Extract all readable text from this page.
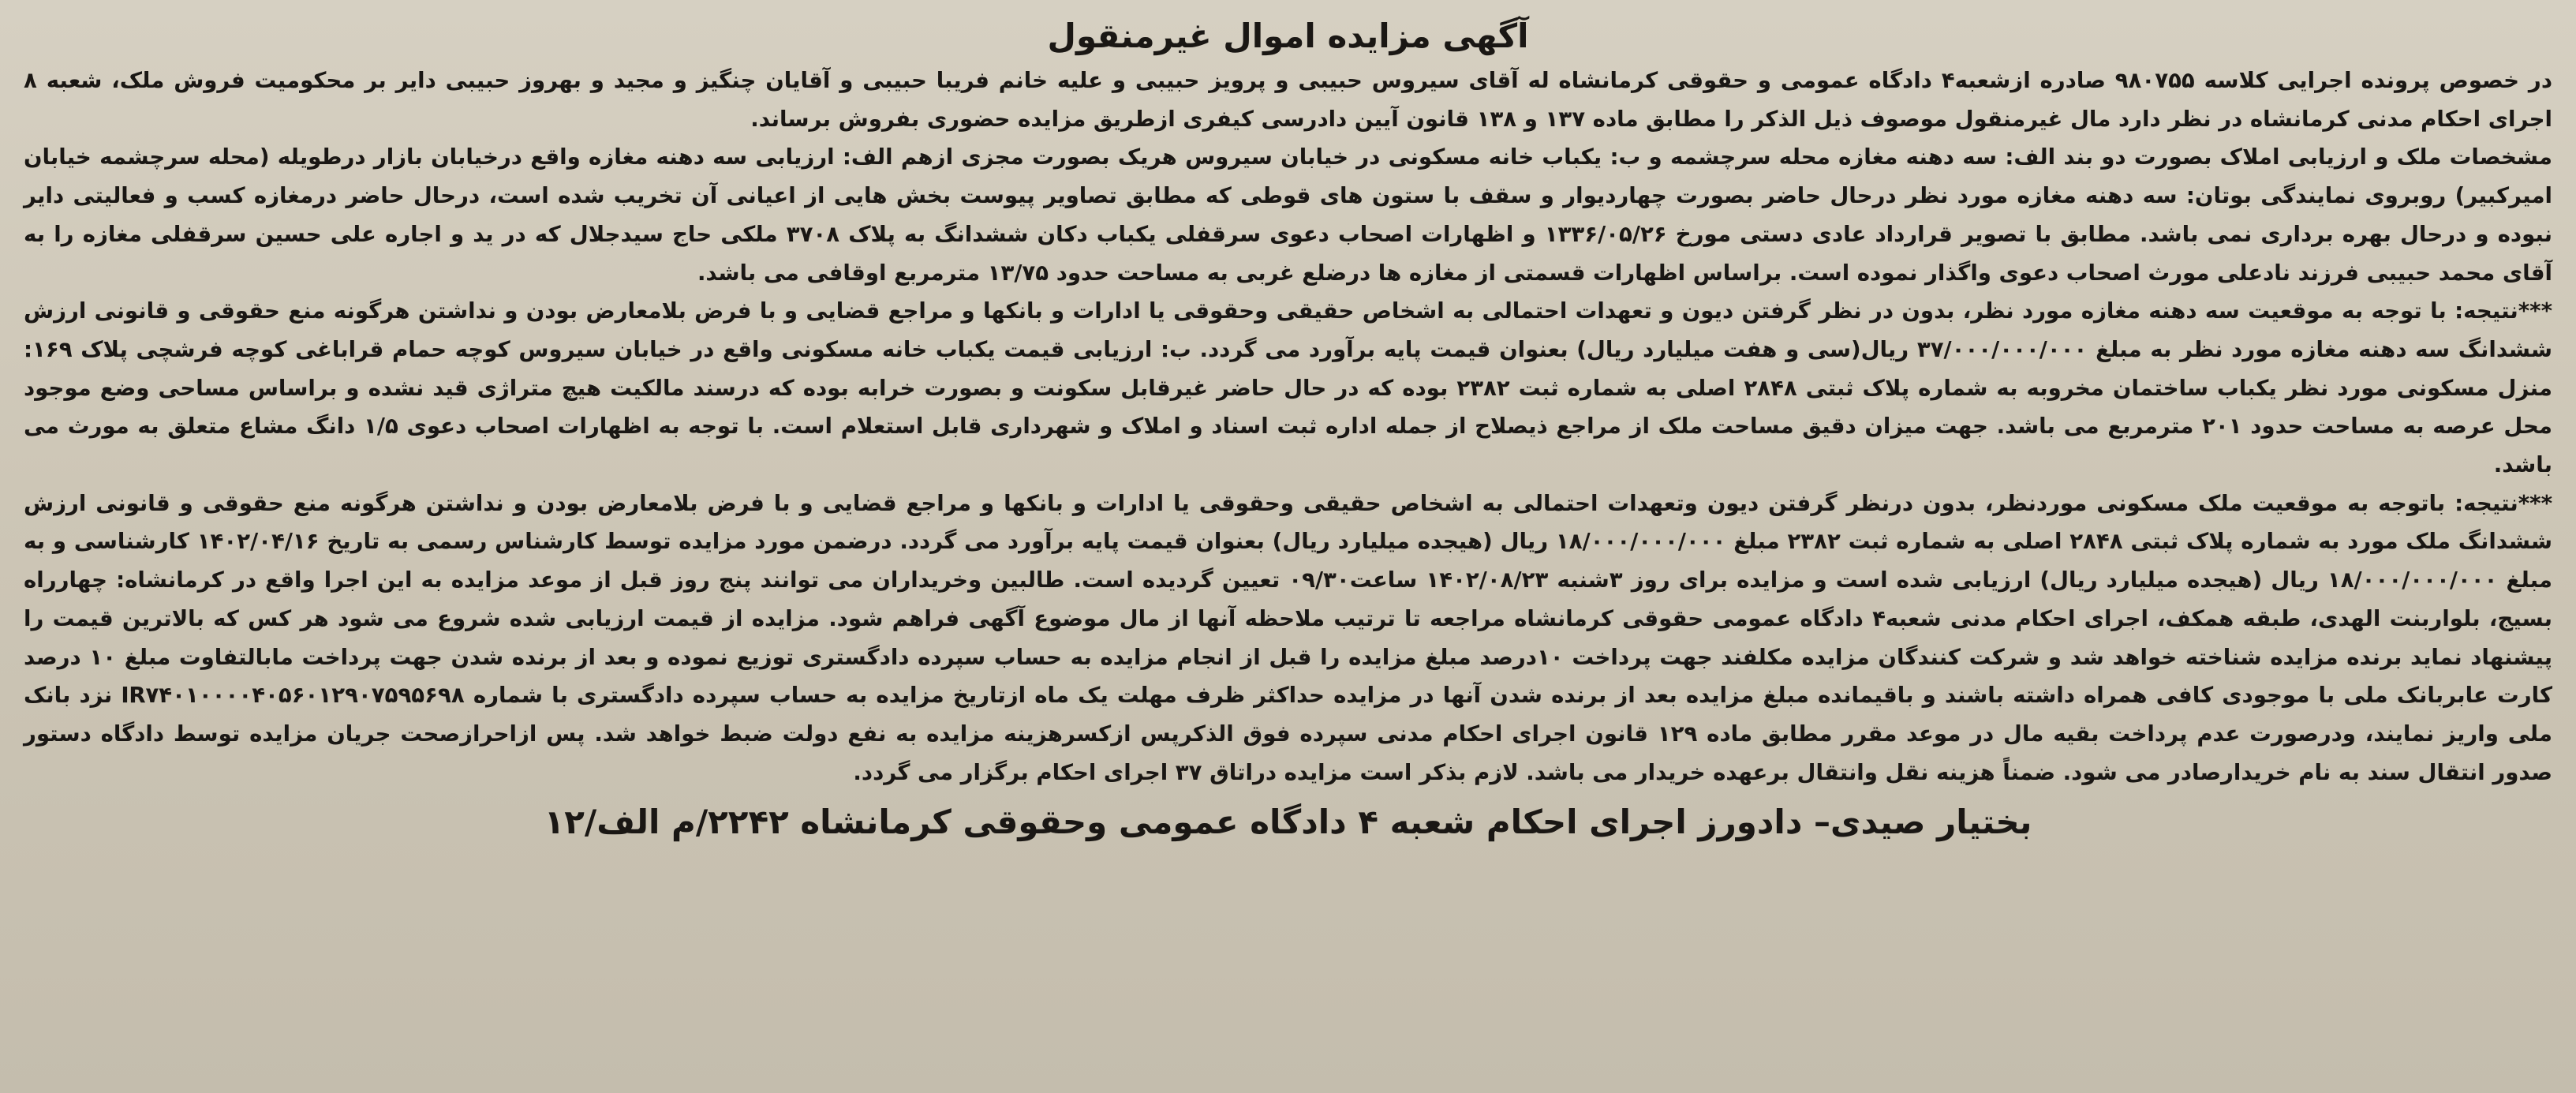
آگهی مزایده اموال غیرمنقول

در خصوص پرونده اجرایی کلاسه ۹۸۰۷۵۵ صادره ازشعبه۴ دادگاه عمومی و حقوقی کرمانشاه له آقای سیروس حبیبی و پرویز حبیبی و علیه خانم فریبا حبیبی و آقایان چنگیز و مجید و بهروز حبیبی دایر بر محکومیت فروش ملک، شعبه ۸ اجرای احکام مدنی کرمانشاه در نظر دارد مال غیرمنقول موصوف ذیل الذکر را مطابق ماده ۱۳۷ و ۱۳۸ قانون آیین دادرسی کیفری ازطریق مزایده حضوری بفروش برساند.

مشخصات ملک و ارزیابی املاک بصورت دو بند الف: سه دهنه مغازه محله سرچشمه و ب: یکباب خانه مسکونی در خیابان سیروس هریک بصورت مجزی ازهم الف: ارزیابی سه دهنه مغازه واقع درخیابان بازار درطویله (محله سرچشمه خیابان امیرکبیر) روبروی نمایندگی بوتان: سه دهنه مغازه مورد نظر درحال حاضر بصورت چهاردیوار و سقف با ستون های قوطی که مطابق تصاویر پیوست بخش هایی از اعیانی آن تخریب شده است، درحال حاضر درمغازه کسب و فعالیتی دایر نبوده و درحال بهره برداری نمی باشد. مطابق با تصویر قرارداد عادی دستی مورخ ۱۳۳۶/۰۵/۲۶ و اظهارات اصحاب دعوی سرقفلی یکباب دکان ششدانگ به پلاک ۳۷۰۸ ملکی حاج سیدجلال که در ید و اجاره علی حسین سرقفلی مغازه را به آقای محمد حبیبی فرزند نادعلی مورث اصحاب دعوی واگذار نموده است. براساس اظهارات قسمتی از مغازه ها درضلع غربی به مساحت حدود ۱۳/۷۵ مترمربع اوقافی می باشد.

***نتیجه: با توجه به موقعیت سه دهنه مغازه مورد نظر، بدون در نظر گرفتن دیون و تعهدات احتمالی به اشخاص حقیقی وحقوقی یا ادارات و بانکها و مراجع قضایی و با فرض بلامعارض بودن و نداشتن هرگونه منع حقوقی و قانونی ارزش ششدانگ سه دهنه مغازه مورد نظر به مبلغ ۳۷/۰۰۰/۰۰۰/۰۰۰ ریال(سی و هفت میلیارد ریال) بعنوان قیمت پایه برآورد می گردد. ب: ارزیابی قیمت یکباب خانه مسکونی واقع در خیابان سیروس کوچه حمام قراباغی کوچه فرشچی پلاک ۱۶۹: منزل مسکونی مورد نظر یکباب ساختمان مخروبه به شماره پلاک ثبتی ۲۸۴۸ اصلی به شماره ثبت ۲۳۸۲ بوده که در حال حاضر غیرقابل سکونت و بصورت خرابه بوده که درسند مالکیت هیچ متراژی قید نشده و براساس مساحی وضع موجود محل عرصه به مساحت حدود ۲۰۱ مترمربع می باشد. جهت میزان دقیق مساحت ملک از مراجع ذیصلاح از جمله اداره ثبت اسناد و املاک و شهرداری قابل استعلام است. با توجه به اظهارات اصحاب دعوی ۱/۵ دانگ مشاع متعلق به مورث می باشد.

***نتیجه: باتوجه به موقعیت ملک مسکونی موردنظر، بدون درنظر گرفتن دیون وتعهدات احتمالی به اشخاص حقیقی وحقوقی یا ادارات و بانکها و مراجع قضایی و با فرض بلامعارض بودن و نداشتن هرگونه منع حقوقی و قانونی ارزش ششدانگ ملک مورد به شماره پلاک ثبتی ۲۸۴۸ اصلی به شماره ثبت ۲۳۸۲ مبلغ ۱۸/۰۰۰/۰۰۰/۰۰۰ ریال (هیجده میلیارد ریال) بعنوان قیمت پایه برآورد می گردد. درضمن مورد مزایده توسط کارشناس رسمی به تاریخ ۱۴۰۲/۰۴/۱۶ کارشناسی و به مبلغ ۱۸/۰۰۰/۰۰۰/۰۰۰ ریال (هیجده میلیارد ریال) ارزیابی شده است و مزایده برای روز ۳شنبه ۱۴۰۲/۰۸/۲۳ ساعت۰۹/۳۰ تعیین گردیده است. طالبین وخریداران می توانند پنج روز قبل از موعد مزایده به این اجرا واقع در کرمانشاه: چهارراه بسیج، بلواربنت الهدی، طبقه همکف، اجرای احکام مدنی شعبه۴ دادگاه عمومی حقوقی کرمانشاه مراجعه تا ترتیب ملاحظه آنها از مال موضوع آگهی فراهم شود. مزایده از قیمت ارزیابی شده شروع می شود هر کس که بالاترین قیمت را پیشنهاد نماید برنده مزایده شناخته خواهد شد و شرکت کنندگان مزایده مکلفند جهت پرداخت ۱۰درصد مبلغ مزایده را قبل از انجام مزایده به حساب سپرده دادگستری توزیع نموده و بعد از برنده شدن جهت پرداخت مابالتفاوت مبلغ ۱۰ درصد کارت عابربانک ملی با موجودی کافی همراه داشته باشند و باقیمانده مبلغ مزایده بعد از برنده شدن آنها در مزایده حداکثر ظرف مهلت یک ماه ازتاریخ مزایده به حساب سپرده دادگستری با شماره IR۷۴۰۱۰۰۰۰۴۰۵۶۰۱۲۹۰۷۵۹۵۶۹۸ نزد بانک ملی واریز نمایند، ودرصورت عدم پرداخت بقیه مال در موعد مقرر مطابق ماده ۱۲۹ قانون اجرای احکام مدنی سپرده فوق الذکرپس ازکسرهزینه مزایده به نفع دولت ضبط خواهد شد. پس ازاحرازصحت جریان مزایده توسط دادگاه دستور صدور انتقال سند به نام خریدارصادر می شود. ضمناً هزینه نقل وانتقال برعهده خریدار می باشد. لازم بذکر است مزایده دراتاق ۳۷ اجرای احکام برگزار می گردد.

بختیار صیدی– دادورز اجرای احکام شعبه ۴ دادگاه عمومی وحقوقی کرمانشاه ۲۲۴۲/م الف/۱۲
